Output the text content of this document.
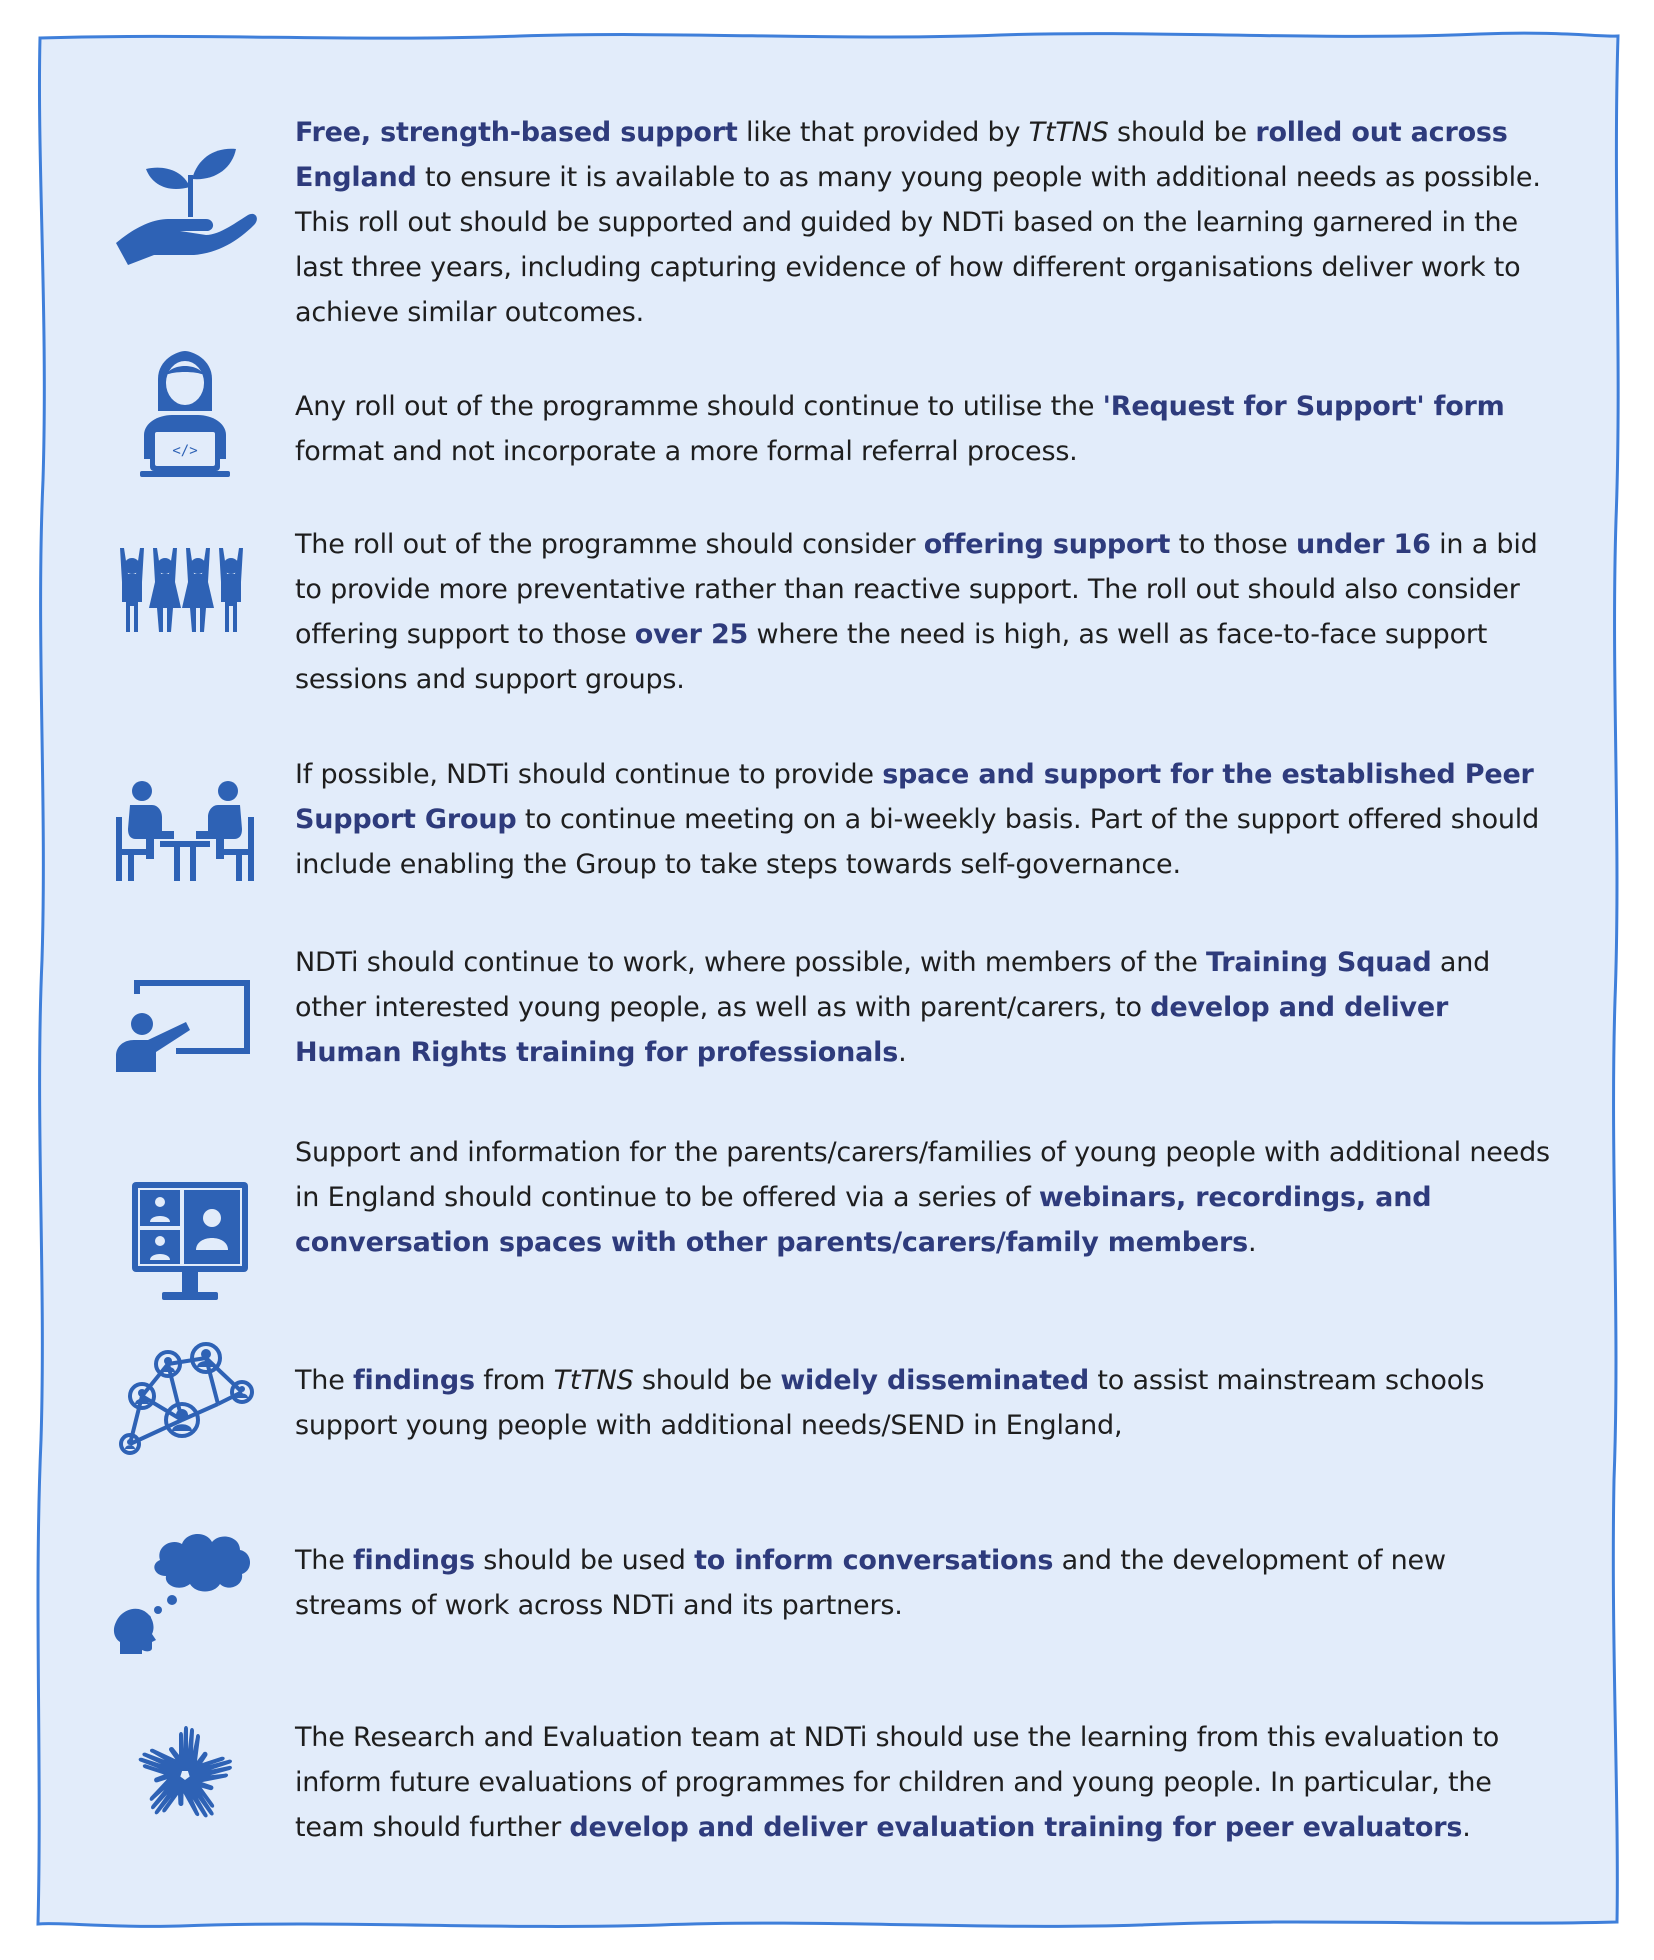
Free, strength-based support like that provided by TtTNS should be rolled out across England to ensure it is available to as many young people with additional needs as possible. This roll out should be supported and guided by NDTi based on the learning garnered in the last three years, including capturing evidence of how different organisations deliver work to achieve similar outcomes.
</>
Any roll out of the programme should continue to utilise the 'Request for Support' form format and not incorporate a more formal referral process.
The roll out of the programme should consider offering support to those under 16 in a bid to provide more preventative rather than reactive support. The roll out should also consider offering support to those over 25 where the need is high, as well as face-to-face support sessions and support groups.
If possible, NDTi should continue to provide space and support for the established Peer Support Group to continue meeting on a bi-weekly basis. Part of the support offered should include enabling the Group to take steps towards self-governance.
NDTi should continue to work, where possible, with members of the Training Squad and other interested young people, as well as with parent/carers, to develop and deliver Human Rights training for professionals.
Support and information for the parents/carers/families of young people with additional needs in England should continue to be offered via a series of webinars, recordings, and conversation spaces with other parents/carers/family members.
The findings from TtTNS should be widely disseminated to assist mainstream schools support young people with additional needs/SEND in England,
The findings should be used to inform conversations and the development of new streams of work across NDTi and its partners.
The Research and Evaluation team at NDTi should use the learning from this evaluation to inform future evaluations of programmes for children and young people. In particular, the team should further develop and deliver evaluation training for peer evaluators.
